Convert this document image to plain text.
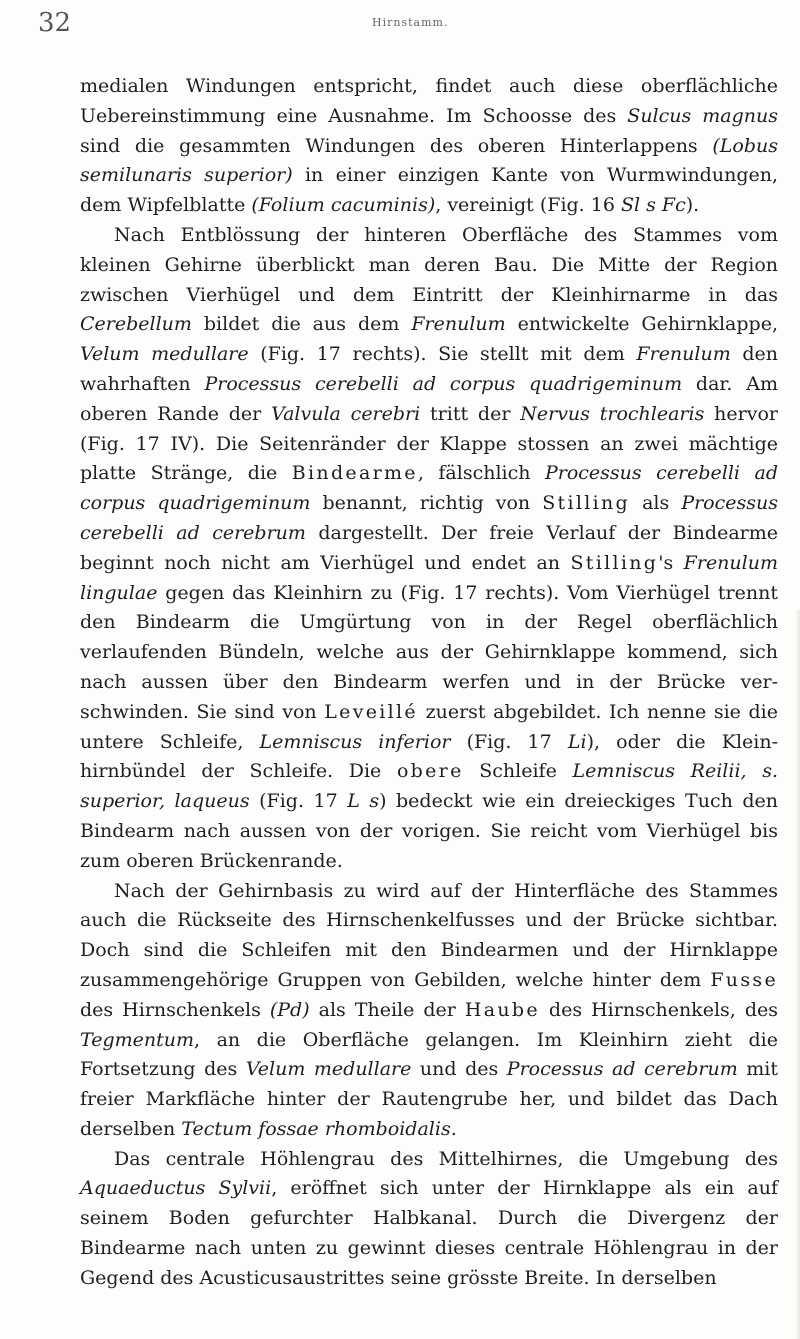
32	Hirnstamm.

medialen Windungen entspricht, findet auch diese oberflächliche Uebereinstimmung eine Ausnahme. Im Schoosse des Sulcus magnus sind die gesammten Windungen des oberen Hinterlappens (Lobus semilunaris superior) in einer einzigen Kante von Wurmwindungen, dem Wipfelblatte (Folium cacuminis), vereinigt (Fig. 16 Sl s Fc).

Nach Entblössung der hinteren Oberfläche des Stammes vom kleinen Gehirne überblickt man deren Bau. Die Mitte der Region zwischen Vierhügel und dem Eintritt der Kleinhirnarme in das Cerebellum bildet die aus dem Frenulum entwickelte Gehirnklappe, Velum medullare (Fig. 17 rechts). Sie stellt mit dem Frenulum den wahrhaften Processus cerebelli ad corpus quadrigeminum dar. Am oberen Rande der Valvula cerebri tritt der Nervus trochlearis hervor (Fig. 17 IV). Die Seitenränder der Klappe stossen an zwei mächtige platte Stränge, die Bindearme, fälschlich Processus cerebelli ad corpus quadrigeminum benannt, richtig von Stilling als Processus cerebelli ad cerebrum dargestellt. Der freie Verlauf der Bindearme beginnt noch nicht am Vierhügel und endet an Stilling's Frenulum lingulae gegen das Kleinhirn zu (Fig. 17 rechts). Vom Vierhügel trennt den Bindearm die Umgürtung von in der Regel oberflächlich verlaufenden Bündeln, welche aus der Gehirnklappe kommend, sich nach aussen über den Bindearm werfen und in der Brücke verschwinden. Sie sind von Leveillé zuerst abgebildet. Ich nenne sie die untere Schleife, Lemniscus inferior (Fig. 17 Li), oder die Kleinhirnbündel der Schleife. Die obere Schleife Lemniscus Reilii, s. superior, laqueus (Fig. 17 L s) bedeckt wie ein dreieckiges Tuch den Bindearm nach aussen von der vorigen. Sie reicht vom Vierhügel bis zum oberen Brückenrande.

Nach der Gehirnbasis zu wird auf der Hinterfläche des Stammes auch die Rückseite des Hirnschenkelfusses und der Brücke sichtbar. Doch sind die Schleifen mit den Bindearmen und der Hirnklappe zusammengehörige Gruppen von Gebilden, welche hinter dem Fusse des Hirnschenkels (Pd) als Theile der Haube des Hirnschenkels, des Tegmentum, an die Oberfläche gelangen. Im Kleinhirn zieht die Fortsetzung des Velum medullare und des Processus ad cerebrum mit freier Markfläche hinter der Rautengrube her, und bildet das Dach derselben Tectum fossae rhomboidalis.

Das centrale Höhlengrau des Mittelhirnes, die Umgebung des Aquaeductus Sylvii, eröffnet sich unter der Hirnklappe als ein auf seinem Boden gefurchter Halbkanal. Durch die Divergenz der Bindearme nach unten zu gewinnt dieses centrale Höhlengrau in der Gegend des Acusticusaustrittes seine grösste Breite. In derselben
